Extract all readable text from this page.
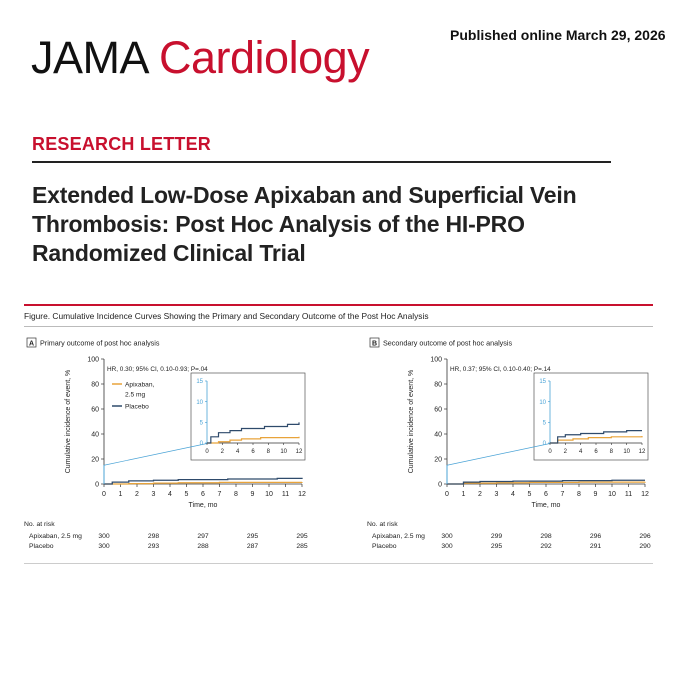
Published online March 29, 2026
JAMA Cardiology
RESEARCH LETTER
Extended Low-Dose Apixaban and Superficial Vein Thrombosis: Post Hoc Analysis of the HI-PRO Randomized Clinical Trial
Figure. Cumulative Incidence Curves Showing the Primary and Secondary Outcome of the Post Hoc Analysis
A Primary outcome of post hoc analysis
0
20
40
60
80
100
0 1 2 3 4 5 6 7 8 9 10 11 12
Time, mo
Cumulative incidence of event, %
HR, 0.30; 95% CI, 0.10-0.93; P=.04
Apixaban,
2.5 mg
Placebo
0
5
10
15
0 2 4 6 8 10 12
No. at risk
Apixaban, 2.5 mg 300	298	297	295	295
Placebo	300	293	288	287	285
B Secondary outcome of post hoc analysis
0
20
40
60
80
100
0 1 2 3 4 5 6 7 8 9 10 11 12
Time, mo
Cumulative incidence of event, %
HR, 0.37; 95% CI, 0.10-0.40; P=.14
0
5
10
15
0 2 4 6 8 10 12
No. at risk
Apixaban, 2.5 mg 300	299	298	296	296
Placebo	300	295	292	291	290
